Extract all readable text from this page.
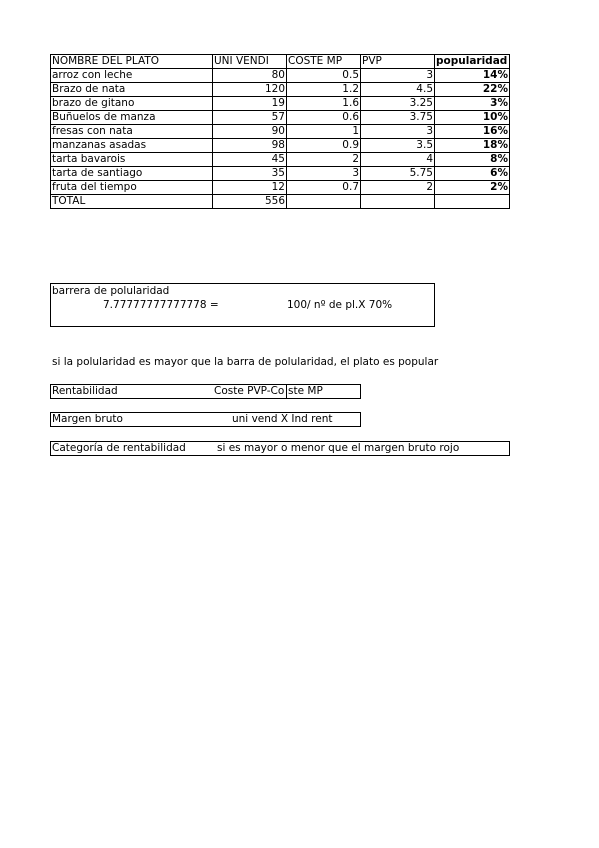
NOMBRE DEL PLATO	UNI VENDI	COSTE MP	PVP	popularidad
arroz con leche	80	0.5	3	14%
Brazo de nata	120	1.2	4.5	22%
brazo de gitano	19	1.6	3.25	3%
Buñuelos de manza	57	0.6	3.75	10%
fresas con nata	90	1	3	16%
manzanas asadas	98	0.9	3.5	18%
tarta bavarois	45	2	4	8%
tarta de santiago	35	3	5.75	6%
fruta del tiempo	12	0.7	2	2%
TOTAL	556			
barrera de polularidad
7.77777777777778 =	100/ nº de pl.X 70%
si la polularidad es mayor que la barra de polularidad, el plato es popular
Rentabilidad	Coste PVP-Co ste MP
Margen bruto	uni vend X Ind rent
Categoría de rentabilidad	si es mayor o menor que el margen bruto rojo
